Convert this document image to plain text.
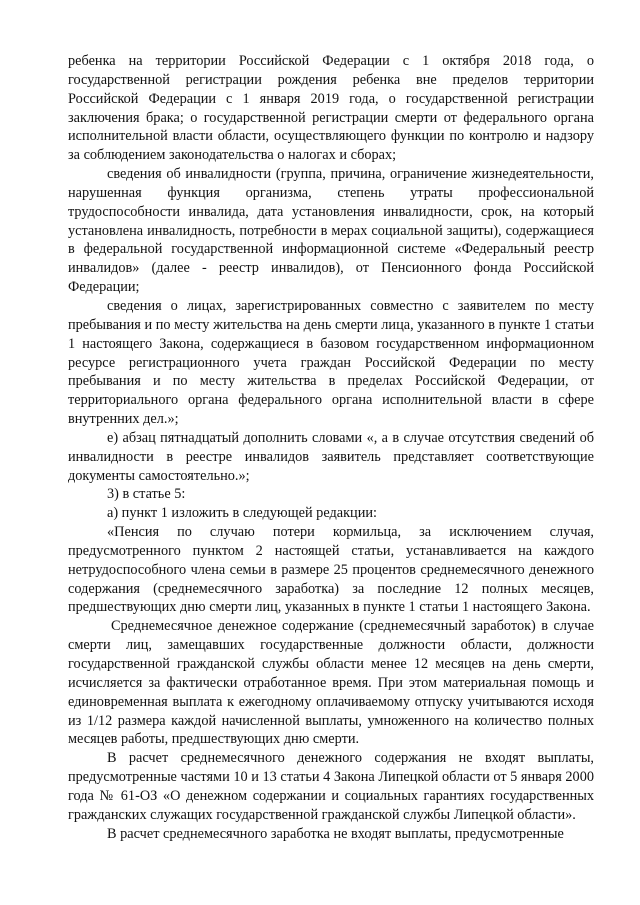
ребенка на территории Российской Федерации с 1 октября 2018 года, о государственной регистрации рождения ребенка вне пределов территории Российской Федерации с 1 января 2019 года, о государственной регистрации заключения брака; о государственной регистрации смерти от федерального органа исполнительной власти области, осуществляющего функции по контролю и надзору за соблюдением законодательства о налогах и сборах;

сведения об инвалидности (группа, причина, ограничение жизнедеятельности, нарушенная функция организма, степень утраты профессиональной трудоспособности инвалида, дата установления инвалидности, срок, на который установлена инвалидность, потребности в мерах социальной защиты), содержащиеся в федеральной государственной информационной системе «Федеральный реестр инвалидов» (далее - реестр инвалидов), от Пенсионного фонда Российской Федерации;

сведения о лицах, зарегистрированных совместно с заявителем по месту пребывания и по месту жительства на день смерти лица, указанного в пункте 1 статьи 1 настоящего Закона, содержащиеся в базовом государственном информационном ресурсе регистрационного учета граждан Российской Федерации по месту пребывания и по месту жительства в пределах Российской Федерации, от территориального органа федерального органа исполнительной власти в сфере внутренних дел.»;

е) абзац пятнадцатый дополнить словами «, а в случае отсутствия сведений об инвалидности в реестре инвалидов заявитель представляет соответствующие документы самостоятельно.»;

3) в статье 5:

а) пункт 1 изложить в следующей редакции:

«Пенсия по случаю потери кормильца, за исключением случая, предусмотренного пунктом 2 настоящей статьи, устанавливается на каждого нетрудоспособного члена семьи в размере 25 процентов среднемесячного денежного содержания (среднемесячного заработка) за последние 12 полных месяцев, предшествующих дню смерти лиц, указанных в пункте 1 статьи 1 настоящего Закона.

Среднемесячное денежное содержание (среднемесячный заработок) в случае смерти лиц, замещавших государственные должности области, должности государственной гражданской службы области менее 12 месяцев на день смерти, исчисляется за фактически отработанное время. При этом материальная помощь и единовременная выплата к ежегодному оплачиваемому отпуску учитываются исходя из 1/12 размера каждой начисленной выплаты, умноженного на количество полных месяцев работы, предшествующих дню смерти.

В расчет среднемесячного денежного содержания не входят выплаты, предусмотренные частями 10 и 13 статьи 4 Закона Липецкой области от 5 января 2000 года № 61-ОЗ «О денежном содержании и социальных гарантиях государственных гражданских служащих государственной гражданской службы Липецкой области».

В расчет среднемесячного заработка не входят выплаты, предусмотренные
